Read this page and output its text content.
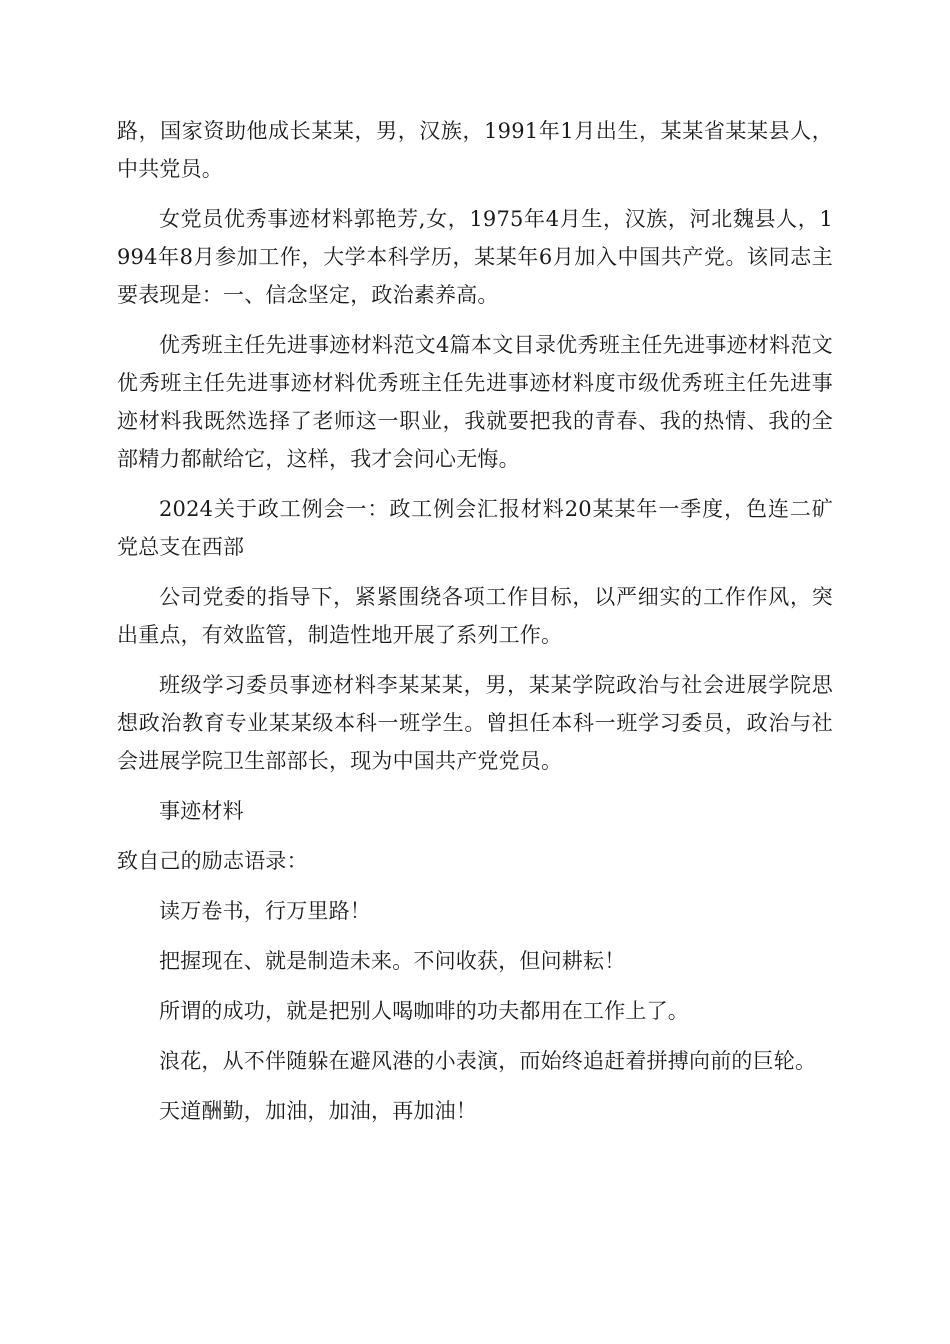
路，国家资助他成长某某，男，汉族，1991年1月出生，某某省某某县人，中共党员。

女党员优秀事迹材料郭艳芳,女，1975年4月生，汉族，河北魏县人，1994年8月参加工作，大学本科学历，某某年6月加入中国共产党。该同志主要表现是：一、信念坚定，政治素养高。

优秀班主任先进事迹材料范文4篇本文目录优秀班主任先进事迹材料范文优秀班主任先进事迹材料优秀班主任先进事迹材料度市级优秀班主任先进事迹材料我既然选择了老师这一职业，我就要把我的青春、我的热情、我的全部精力都献给它，这样，我才会问心无悔。

2024关于政工例会一：政工例会汇报材料20某某年一季度，色连二矿党总支在西部

公司党委的指导下，紧紧围绕各项工作目标，以严细实的工作作风，突出重点，有效监管，制造性地开展了系列工作。

班级学习委员事迹材料李某某某，男，某某学院政治与社会进展学院思想政治教育专业某某级本科一班学生。曾担任本科一班学习委员，政治与社会进展学院卫生部部长，现为中国共产党党员。

事迹材料

致自己的励志语录：

读万卷书，行万里路！

把握现在、就是制造未来。不问收获，但问耕耘！

所谓的成功，就是把别人喝咖啡的功夫都用在工作上了。

浪花，从不伴随躲在避风港的小表演，而始终追赶着拼搏向前的巨轮。

天道酬勤，加油，加油，再加油！
